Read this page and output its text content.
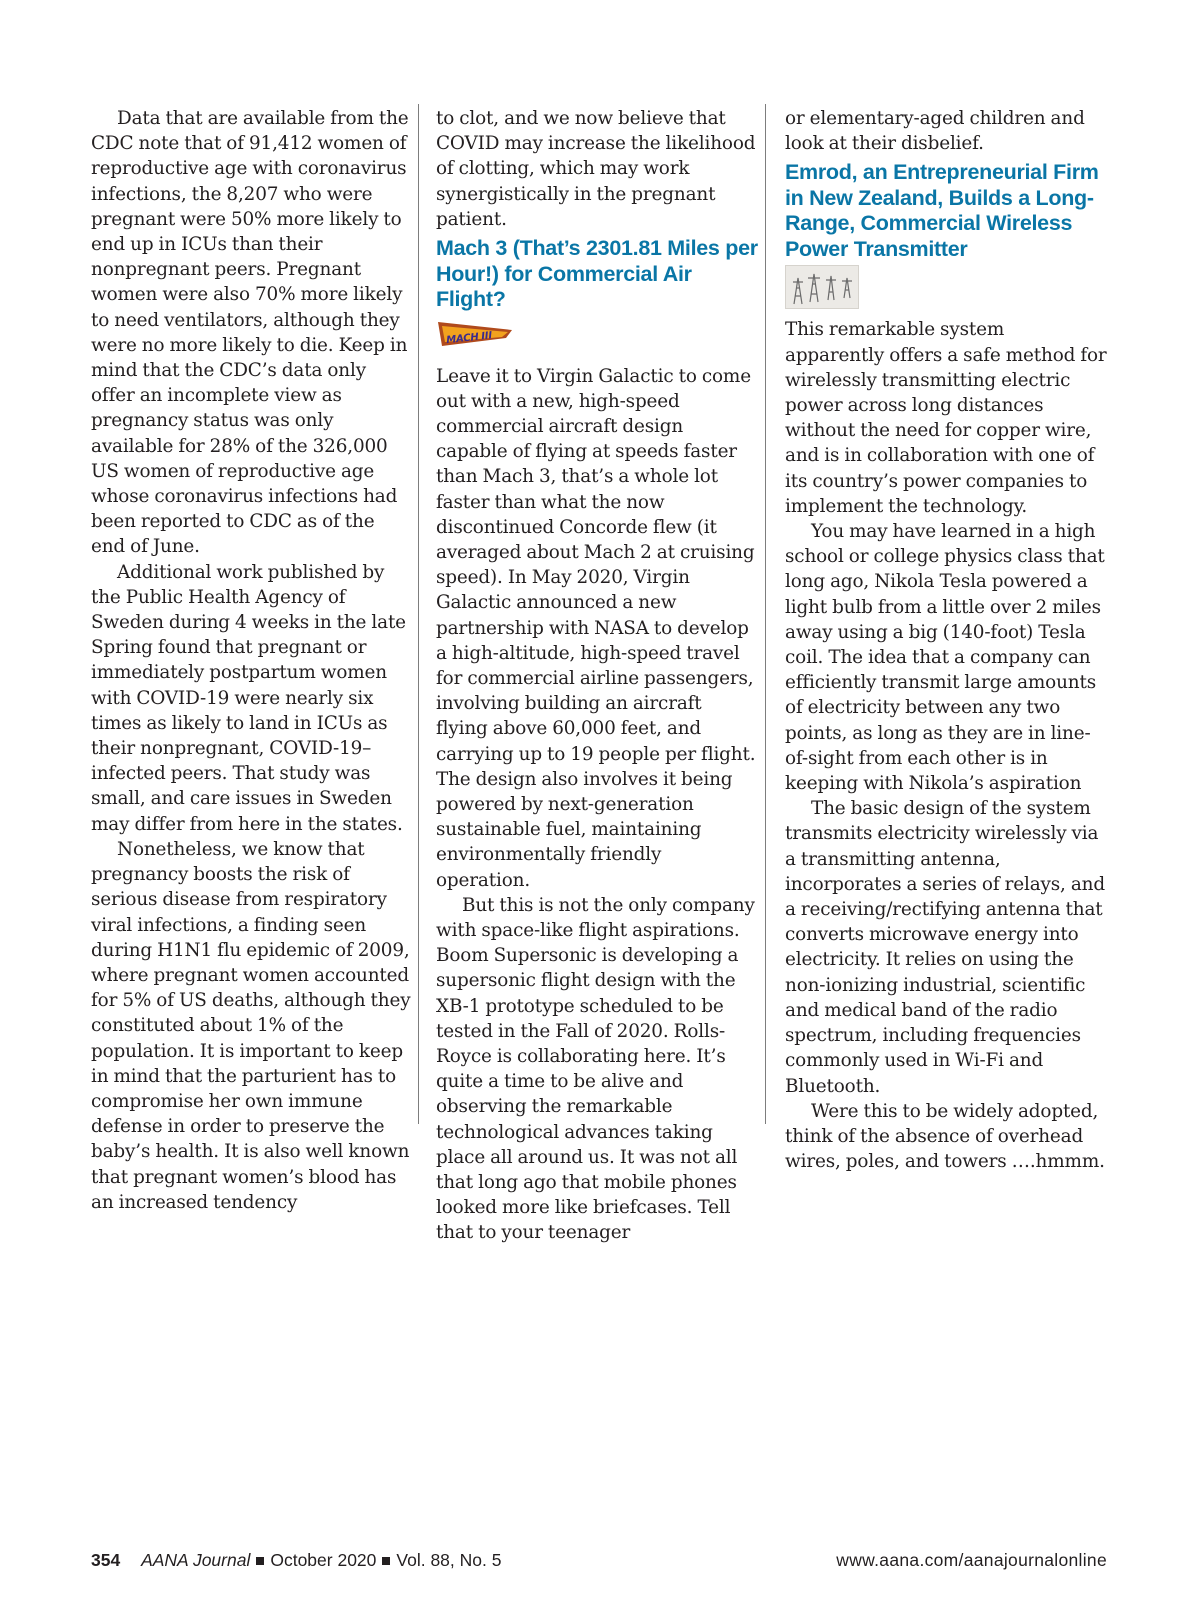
Data that are available from the CDC note that of 91,412 women of reproductive age with coronavirus infections, the 8,207 who were pregnant were 50% more likely to end up in ICUs than their nonpregnant peers. Pregnant women were also 70% more likely to need ventilators, although they were no more likely to die. Keep in mind that the CDC’s data only offer an incomplete view as pregnancy status was only available for 28% of the 326,000 US women of reproductive age whose coronavirus infections had been reported to CDC as of the end of June.

Additional work published by the Public Health Agency of Sweden during 4 weeks in the late Spring found that pregnant or immediately postpartum women with COVID-19 were nearly six times as likely to land in ICUs as their nonpregnant, COVID-19–infected peers. That study was small, and care issues in Sweden may differ from here in the states.

Nonetheless, we know that pregnancy boosts the risk of serious disease from respiratory viral infections, a finding seen during H1N1 flu epidemic of 2009, where pregnant women accounted for 5% of US deaths, although they constituted about 1% of the population. It is important to keep in mind that the parturient has to compromise her own immune defense in order to preserve the baby’s health. It is also well known that pregnant women’s blood has an increased tendency

to clot, and we now believe that COVID may increase the likelihood of clotting, which may work synergistically in the pregnant patient.

Mach 3 (That’s 2301.81 Miles per Hour!) for Commercial Air Flight?
MACH III

Leave it to Virgin Galactic to come out with a new, high-speed commercial aircraft design capable of flying at speeds faster than Mach 3, that’s a whole lot faster than what the now discontinued Concorde flew (it averaged about Mach 2 at cruising speed). In May 2020, Virgin Galactic announced a new partnership with NASA to develop a high-altitude, high-speed travel for commercial airline passengers, involving building an aircraft flying above 60,000 feet, and carrying up to 19 people per flight. The design also involves it being powered by next-generation sustainable fuel, maintaining environmentally friendly operation.

But this is not the only company with space-like flight aspirations. Boom Supersonic is developing a supersonic flight design with the XB-1 prototype scheduled to be tested in the Fall of 2020. Rolls-Royce is collaborating here. It’s quite a time to be alive and observing the remarkable technological advances taking place all around us. It was not all that long ago that mobile phones looked more like briefcases. Tell that to your teenager

or elementary-aged children and look at their disbelief.

Emrod, an Entrepreneurial Firm in New Zealand, Builds a Long-Range, Commercial Wireless Power Transmitter

This remarkable system apparently offers a safe method for wirelessly transmitting electric power across long distances without the need for copper wire, and is in collaboration with one of its country’s power companies to implement the technology.

You may have learned in a high school or college physics class that long ago, Nikola Tesla powered a light bulb from a little over 2 miles away using a big (140-foot) Tesla coil. The idea that a company can efficiently transmit large amounts of electricity between any two points, as long as they are in line-of-sight from each other is in keeping with Nikola’s aspiration

The basic design of the system transmits electricity wirelessly via a transmitting antenna, incorporates a series of relays, and a receiving/rectifying antenna that converts microwave energy into electricity. It relies on using the non-ionizing industrial, scientific and medical band of the radio spectrum, including frequencies commonly used in Wi-Fi and Bluetooth.

Were this to be widely adopted, think of the absence of overhead wires, poles, and towers ….hmmm.

354 AANA Journal October 2020 Vol. 88, No. 5	www.aana.com/aanajournalonline
